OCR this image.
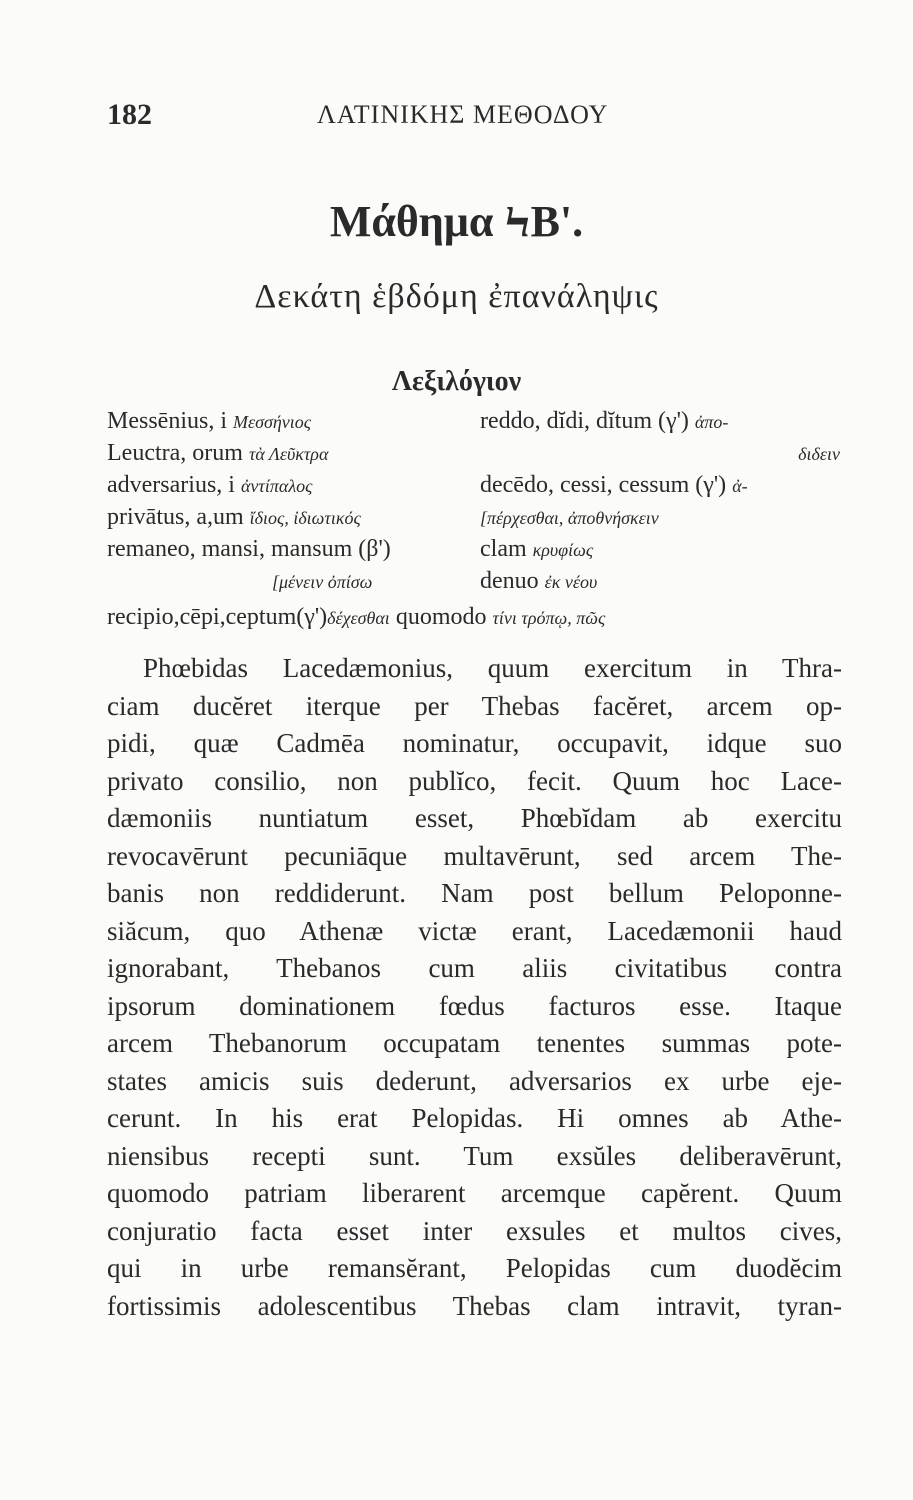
182	ΛΑΤΙΝΙΚΗΣ ΜΕΘΟΔΟΥ
Μάθημα ϞΒ'.
Δεκάτη ἑβδόμη ἐπανάληψις
Λεξιλόγιον
Messēnius, i Μεσσήνιος
Leuctra, orum τὰ Λεῦκτρα
adversarius, i ἀντίπαλος
privātus, a,um ἴδιος, ἰδιωτικός
remaneo, mansi, mansum (β')
[μένειν ὀπίσω
reddo, dĭdi, dĭtum (γ') ἀπο-
διδειν
decēdo, cessi, cessum (γ') ἀ-
[πέρχεσθαι, ἀποθνήσκειν
clam κρυφίως
denuo ἐκ νέου
recipio,cēpi,ceptum(γ')δέχεσθαι quomodo τίνι τρόπῳ, πῶς
Phœbidas Lacedæmonius, quum exercitum in Thra-
ciam ducĕret iterque per Thebas facĕret, arcem op-
pidi, quæ Cadmēa nominatur, occupavit, idque suo
privato consilio, non publĭco, fecit. Quum hoc Lace-
dæmoniis nuntiatum esset, Phœbĭdam ab exercitu
revocavērunt pecuniāque multavērunt, sed arcem The-
banis non reddiderunt. Nam post bellum Peloponne-
siăcum, quo Athenæ victæ erant, Lacedæmonii haud
ignorabant, Thebanos cum aliis civitatibus contra
ipsorum dominationem fœdus facturos esse. Itaque
arcem Thebanorum occupatam tenentes summas pote-
states amicis suis dederunt, adversarios ex urbe eje-
cerunt. In his erat Pelopidas. Hi omnes ab Athe-
niensibus recepti sunt. Tum exsŭles deliberavērunt,
quomodo patriam liberarent arcemque capĕrent. Quum
conjuratio facta esset inter exsules et multos cives,
qui in urbe remansĕrant, Pelopidas cum duodĕcim
fortissimis adolescentibus Thebas clam intravit, tyran-
